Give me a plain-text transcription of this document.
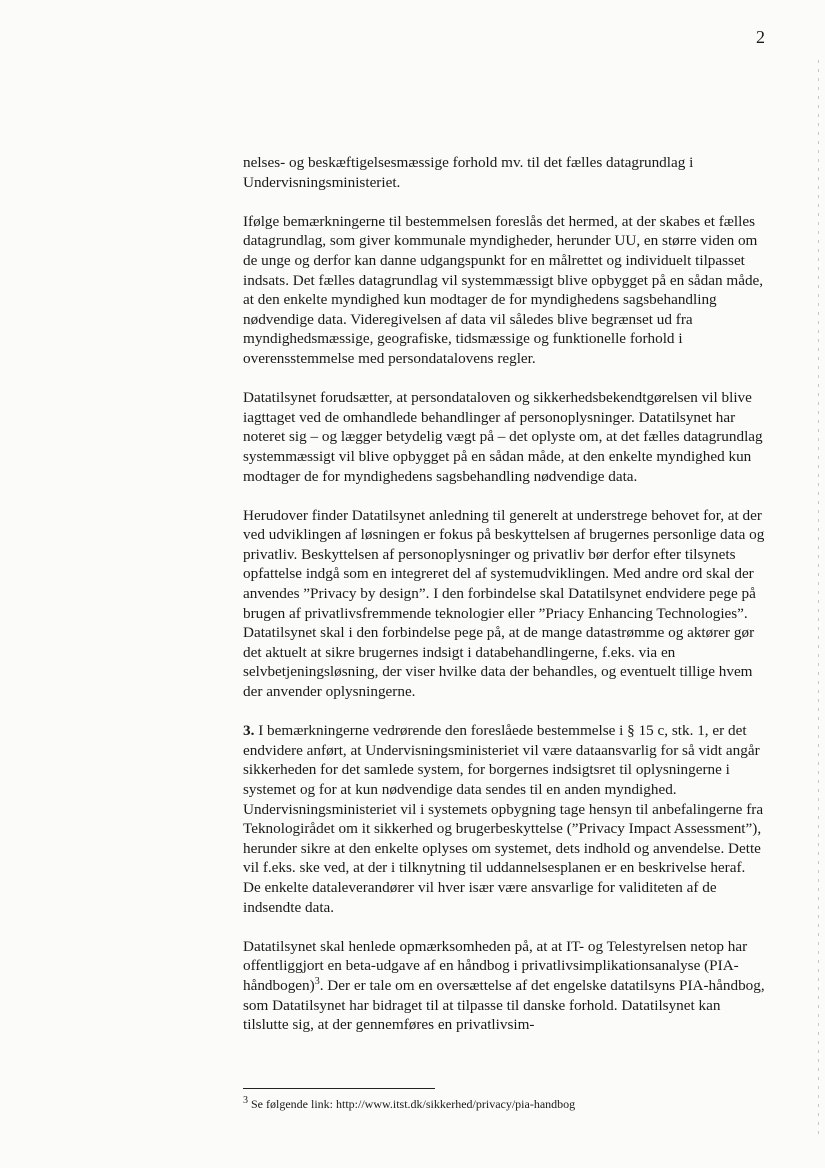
2

nelses- og beskæftigelsesmæssige forhold mv. til det fælles datagrundlag i Undervisningsministeriet.

Ifølge bemærkningerne til bestemmelsen foreslås det hermed, at der skabes et fælles datagrundlag, som giver kommunale myndigheder, herunder UU, en større viden om de unge og derfor kan danne udgangspunkt for en målrettet og individuelt tilpasset indsats. Det fælles datagrundlag vil systemmæssigt blive opbygget på en sådan måde, at den enkelte myndighed kun modtager de for myndighedens sagsbehandling nødvendige data. Videregivelsen af data vil således blive begrænset ud fra myndighedsmæssige, geografiske, tidsmæssige og funktionelle forhold i overensstemmelse med persondatalovens regler.

Datatilsynet forudsætter, at persondataloven og sikkerhedsbekendtgørelsen vil blive iagttaget ved de omhandlede behandlinger af personoplysninger. Datatilsynet har noteret sig – og lægger betydelig vægt på – det oplyste om, at det fælles datagrundlag systemmæssigt vil blive opbygget på en sådan måde, at den enkelte myndighed kun modtager de for myndighedens sagsbehandling nødvendige data.

Herudover finder Datatilsynet anledning til generelt at understrege behovet for, at der ved udviklingen af løsningen er fokus på beskyttelsen af brugernes personlige data og privatliv. Beskyttelsen af personoplysninger og privatliv bør derfor efter tilsynets opfattelse indgå som en integreret del af systemudviklingen. Med andre ord skal der anvendes ”Privacy by design”. I den forbindelse skal Datatilsynet endvidere pege på brugen af privatlivsfremmende teknologier eller ”Priacy Enhancing Technologies”. Datatilsynet skal i den forbindelse pege på, at de mange datastrømme og aktører gør det aktuelt at sikre brugernes indsigt i databehandlingerne, f.eks. via en selvbetjeningsløsning, der viser hvilke data der behandles, og eventuelt tillige hvem der anvender oplysningerne.

3. I bemærkningerne vedrørende den foreslåede bestemmelse i § 15 c, stk. 1, er det endvidere anført, at Undervisningsministeriet vil være dataansvarlig for så vidt angår sikkerheden for det samlede system, for borgernes indsigtsret til oplysningerne i systemet og for at kun nødvendige data sendes til en anden myndighed. Undervisningsministeriet vil i systemets opbygning tage hensyn til anbefalingerne fra Teknologirådet om it sikkerhed og brugerbeskyttelse (”Privacy Impact Assessment”), herunder sikre at den enkelte oplyses om systemet, dets indhold og anvendelse. Dette vil f.eks. ske ved, at der i tilknytning til uddannelsesplanen er en beskrivelse heraf. De enkelte dataleverandører vil hver især være ansvarlige for validiteten af de indsendte data.

Datatilsynet skal henlede opmærksomheden på, at at IT- og Telestyrelsen netop har offentliggjort en beta-udgave af en håndbog i privatlivsimplikationsanalyse (PIA-håndbogen)$^3$. Der er tale om en oversættelse af det engelske datatilsyns PIA-håndbog, som Datatilsynet har bidraget til at tilpasse til danske forhold. Datatilsynet kan tilslutte sig, at der gennemføres en privatlivsim-

$^3$ Se følgende link: http://www.itst.dk/sikkerhed/privacy/pia-handbog
